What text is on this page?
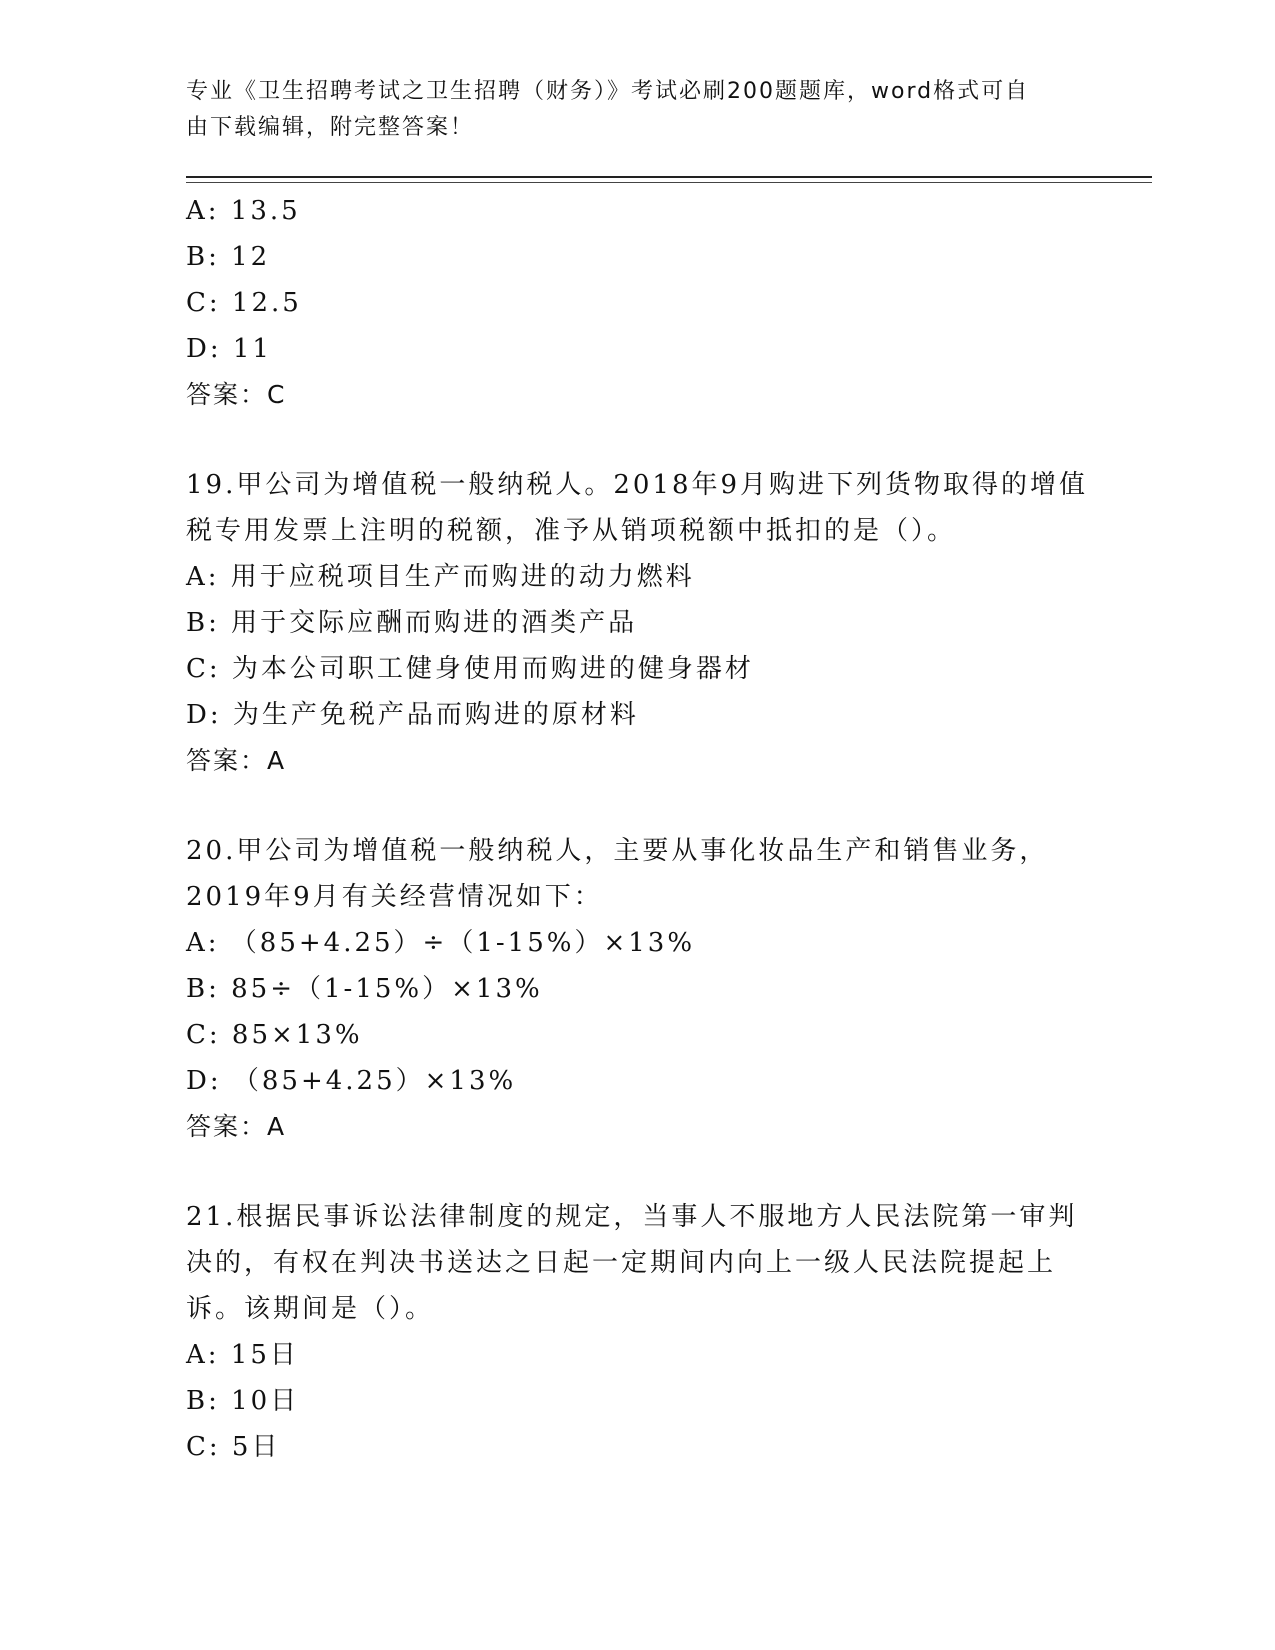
专业《卫生招聘考试之卫生招聘（财务）》考试必刷200题题库，word格式可自
由下载编辑，附完整答案！
A: 13.5
B: 12
C: 12.5
D: 11
答案：C
19.甲公司为增值税一般纳税人。2018年9月购进下列货物取得的增值
税专用发票上注明的税额，准予从销项税额中抵扣的是（）。
A: 用于应税项目生产而购进的动力燃料
B: 用于交际应酬而购进的酒类产品
C: 为本公司职工健身使用而购进的健身器材
D: 为生产免税产品而购进的原材料
答案：A
20.甲公司为增值税一般纳税人，主要从事化妆品生产和销售业务，
2019年9月有关经营情况如下：
A: （85+4.25）÷（1-15%）×13%
B: 85÷（1-15%）×13%
C: 85×13%
D: （85+4.25）×13%
答案：A
21.根据民事诉讼法律制度的规定，当事人不服地方人民法院第一审判
决的，有权在判决书送达之日起一定期间内向上一级人民法院提起上
诉。该期间是（）。
A: 15日
B: 10日
C: 5日
